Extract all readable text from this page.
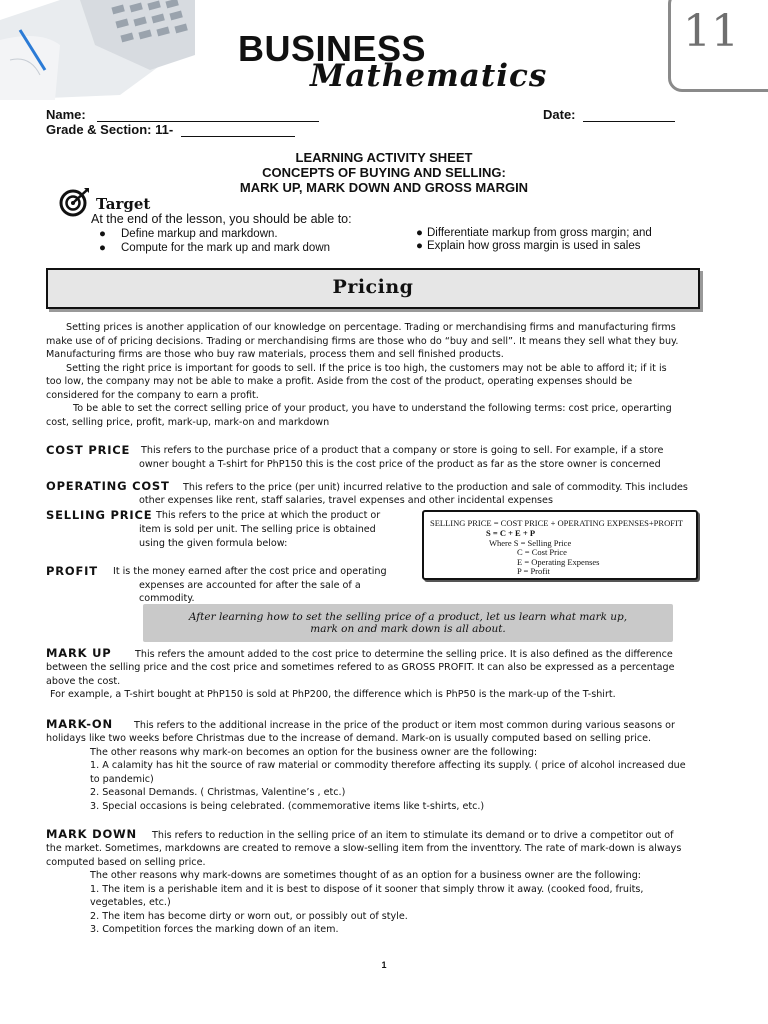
11
BUSINESS
Mathematics
Name:	Date:
Grade & Section: 11-
LEARNING ACTIVITY SHEET
CONCEPTS OF BUYING AND SELLING:
MARK UP, MARK DOWN AND GROSS MARGIN
Target
At the end of the lesson, you should be able to:
● Define markup and markdown.
● Compute for the mark up and mark down
● Differentiate markup from gross margin; and
● Explain how gross margin is used in sales
Pricing
Setting prices is another application of our knowledge on percentage. Trading or merchandising firms and manufacturing firms
make use of of pricing decisions. Trading or merchandising firms are those who do “buy and sell”. It means they sell what they buy.
Manufacturing firms are those who buy raw materials, process them and sell finished products.
Setting the right price is important for goods to sell. If the price is too high, the customers may not be able to afford it; if it is
too low, the company may not be able to make a profit. Aside from the cost of the product, operating expenses should be
considered for the company to earn a profit.
To be able to set the correct selling price of your product, you have to understand the following terms: cost price, operarting
cost, selling price, profit, mark-up, mark-on and markdown
COST PRICE This refers to the purchase price of a product that a company or store is going to sell. For example, if a store
owner bought a T-shirt for PhP150 this is the cost price of the product as far as the store owner is concerned
OPERATING COST This refers to the price (per unit) incurred relative to the production and sale of commodity. This includes
other expenses like rent, staff salaries, travel expenses and other incidental expenses
SELLING PRICE This refers to the price at which the product or
item is sold per unit. The selling price is obtained
using the given formula below:
PROFIT It is the money earned after the cost price and operating
expenses are accounted for after the sale of a
commodity.
SELLING PRICE = COST PRICE + OPERATING EXPENSES+PROFIT
S = C + E + P
Where S = Selling Price
C = Cost Price
E = Operating Expenses
P = Profit
After learning how to set the selling price of a product, let us learn what mark up,
mark on and mark down is all about.
MARK UP This refers the amount added to the cost price to determine the selling price. It is also defined as the difference
between the selling price and the cost price and sometimes refered to as GROSS PROFIT. It can also be expressed as a percentage
above the cost.
For example, a T-shirt bought at PhP150 is sold at PhP200, the difference which is PhP50 is the mark-up of the T-shirt.
MARK-ON This refers to the additional increase in the price of the product or item most common during various seasons or
holidays like two weeks before Christmas due to the increase of demand. Mark-on is usually computed based on selling price.
The other reasons why mark-on becomes an option for the business owner are the following:
1. A calamity has hit the source of raw material or commodity therefore affecting its supply. ( price of alcohol increased due
to pandemic)
2. Seasonal Demands. ( Christmas, Valentine’s , etc.)
3. Special occasions is being celebrated. (commemorative items like t-shirts, etc.)
MARK DOWN This refers to reduction in the selling price of an item to stimulate its demand or to drive a competitor out of
the market. Sometimes, markdowns are created to remove a slow-selling item from the inventtory. The rate of mark-down is always
computed based on selling price.
The other reasons why mark-downs are sometimes thought of as an option for a business owner are the following:
1. The item is a perishable item and it is best to dispose of it sooner that simply throw it away. (cooked food, fruits,
vegetables, etc.)
2. The item has become dirty or worn out, or possibly out of style.
3. Competition forces the marking down of an item.
1
